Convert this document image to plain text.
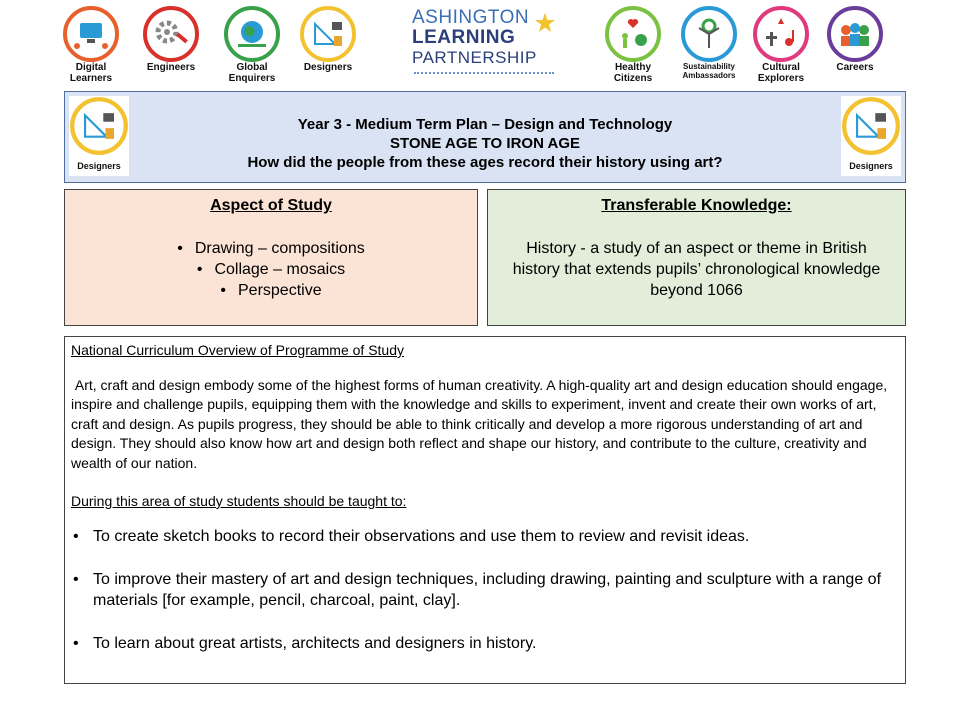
Digital Learners
Engineers	Global Enquirers
Designers
ASHINGTON
LEARNING
PARTNERSHIP
Healthy Citizens
Sustainability Ambassadors
Cultural Explorers
Careers
Designers
Year 3 - Medium Term Plan – Design and Technology
STONE AGE TO IRON AGE
How did the people from these ages record their history using art?	Designers
Aspect of Study
• Drawing – compositions
• Collage – mosaics
• Perspective
Transferable Knowledge:

History - a study of an aspect or theme in British history that extends pupils’ chronological knowledge beyond 1066

National Curriculum Overview of Programme of Study
Art, craft and design embody some of the highest forms of human creativity. A high-quality art and design education should engage, inspire and challenge pupils, equipping them with the knowledge and skills to experiment, invent and create their own works of art, craft and design. As pupils progress, they should be able to think critically and develop a more rigorous understanding of art and design. They should also know how art and design both reflect and shape our history, and contribute to the culture, creativity and wealth of our nation.
During this area of study students should be taught to:
• To create sketch books to record their observations and use them to review and revisit ideas.
• To improve their mastery of art and design techniques, including drawing, painting and sculpture with a range of materials [for example, pencil, charcoal, paint, clay].
• To learn about great artists, architects and designers in history.
